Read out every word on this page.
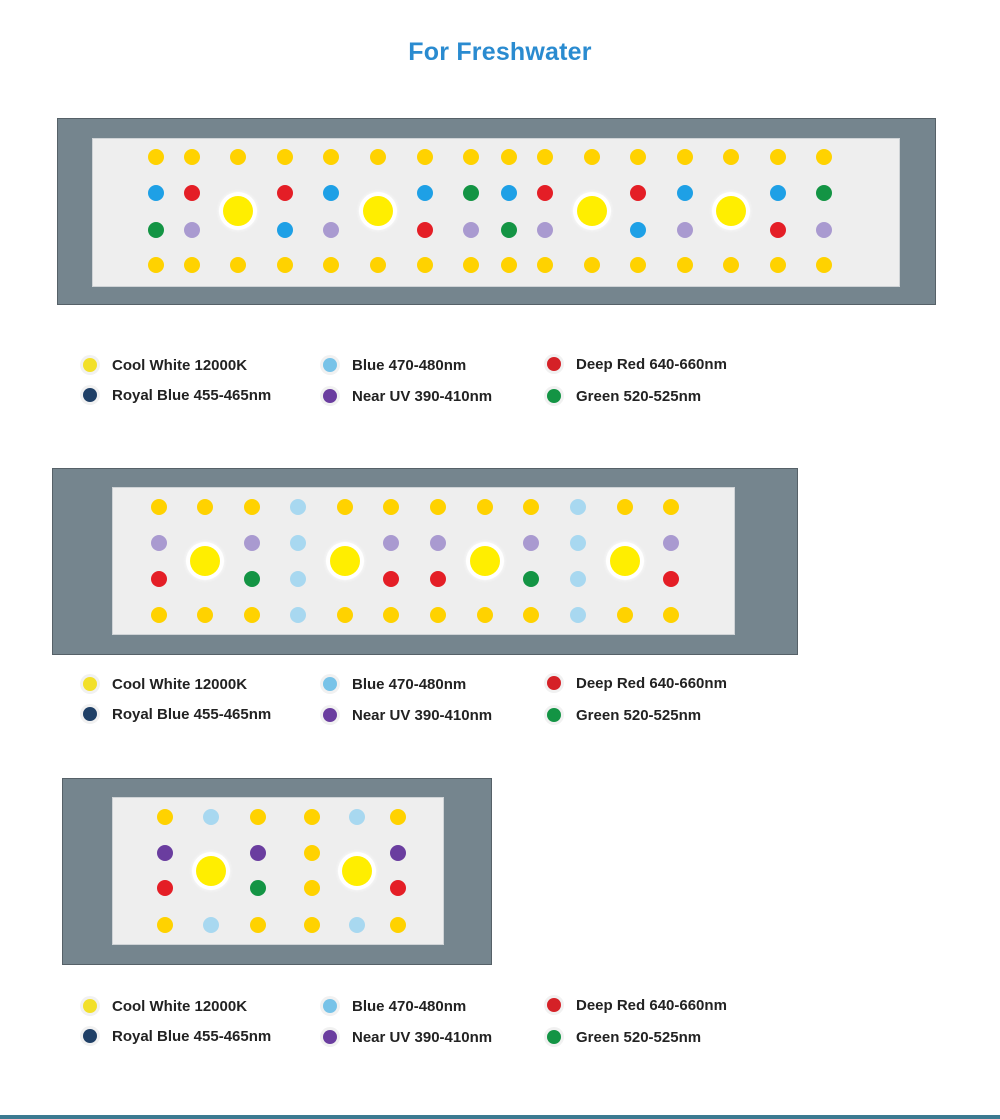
For Freshwater
Cool White 12000K
Royal Blue 455-465nm
Blue 470-480nm
Near UV 390-410nm
Deep Red 640-660nm
Green 520-525nm
Cool White 12000K
Royal Blue 455-465nm
Blue 470-480nm
Near UV 390-410nm
Deep Red 640-660nm
Green 520-525nm
Cool White 12000K
Royal Blue 455-465nm
Blue 470-480nm
Near UV 390-410nm
Deep Red 640-660nm
Green 520-525nm
